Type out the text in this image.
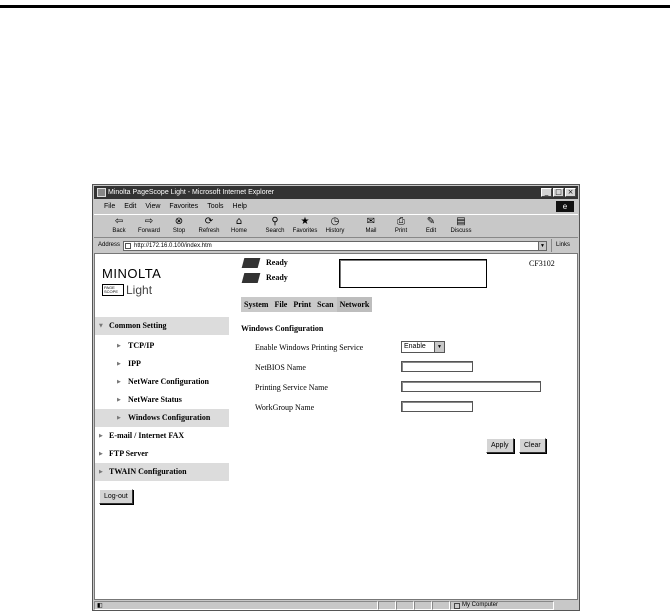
Minolta PageScope Light - Microsoft Internet Explorer	_ □ ×
File Edit View Favorites Tools Help	e
⇦
Back
⇨
Forward
⊗
Stop
⟳
Refresh
⌂
Home
⚲
Search
★
Favorites
◷
History
✉
Mail
⎙
Print
✎
Edit
▤
Discuss
Address	http://172.16.0.100/index.htm	▼	Links
MINOLTA
PAGE SCOPE Light
Ready
Ready
CF3102
System File Print Scan Network
▼ Common Setting
▶ TCP/IP
▶ IPP
▶ NetWare Configuration
▶ NetWare Status
▶ Windows Configuration
▶ E-mail / Internet FAX
▶ FTP Server
▶ TWAIN Configuration
Log-out
Windows Configuration
Enable Windows Printing Service	Enable	▼
NetBIOS Name
Printing Service Name
WorkGroup Name
Apply	Clear
◧	My Computer
